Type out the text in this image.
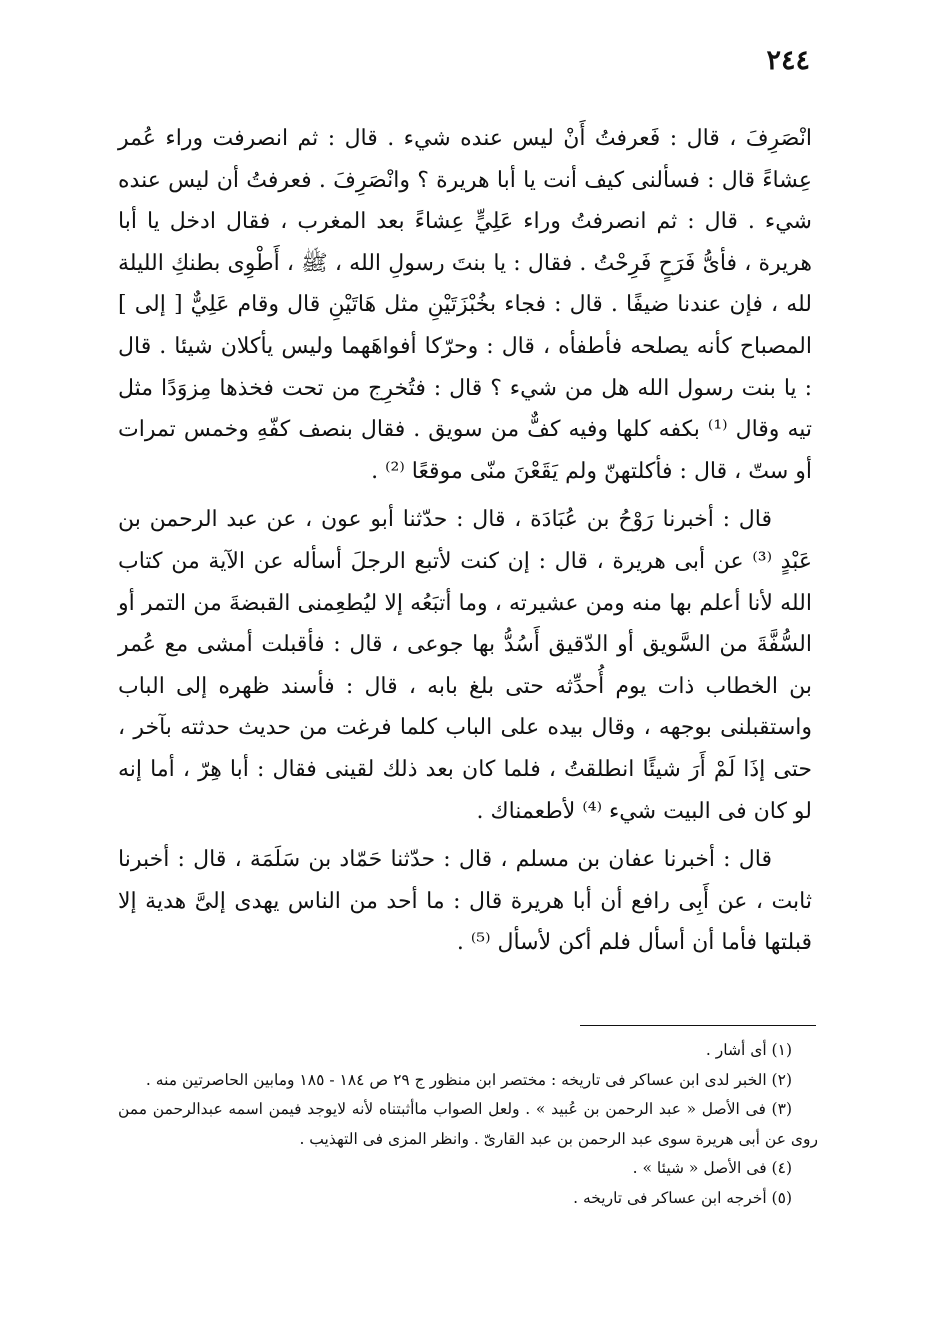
٢٤٤

انْصَرِفَ ، قال : فَعرفتُ أَنْ ليس عنده شيء . قال : ثم انصرفت وراء عُمر عِشاءً قال : فسألنى كيف أنت يا أبا هريرة ؟ وانْصَرِفَ . فعرفتُ أن ليس عنده شيء . قال : ثم انصرفتُ وراء عَلِيٍّ عِشاءً بعد المغرب ، فقال ادخل يا أبا هريرة ، فأىُّ فَرَحٍ فَرِحْتُ . فقال : يا بنتَ رسولِ الله ، ﷺ ، أَطْوِى بطنكِ الليلة لله ، فإن عندنا ضيفًا . قال : فجاء بخُبْزَتَيْنِ مثل هَاتَيْنِ قال وقام عَلِيٌّ [ إلى ] المصباح كأنه يصلحه فأطفأه ، قال : وحرّكا أفواهَهما وليس يأكلان شيئا . قال : يا بنت رسول الله هل من شيء ؟ قال : فتُخرِج من تحت فخذها مِزوَدًا مثل تيه وقال ⁽¹⁾ بكفه كلها وفيه كفٌّ من سويق . فقال بنصف كفّهِ وخمس تمرات أو ستّ ، قال : فأكلتهنّ ولم يَقَعْنَ منّى موقعًا ⁽²⁾ .

قال : أخبرنا رَوْحُ بن عُبَادَة ، قال : حدّثنا أبو عون ، عن عبد الرحمن بن عَبْدٍ ⁽³⁾ عن أبى هريرة ، قال : إن كنت لأتبع الرجلَ أسأله عن الآية من كتاب الله لأنا أعلم بها منه ومن عشيرته ، وما أتبَعُه إلا ليُطعِمنى القبضةَ من التمر أو السُّفَّةَ من السَّويق أو الدّقيق أَسُدُّ بها جوعى ، قال : فأقبلت أمشى مع عُمر بن الخطاب ذات يوم أُحدِّثه حتى بلغ بابه ، قال : فأسند ظهره إلى الباب واستقبلنى بوجهه ، وقال بيده على الباب كلما فرغت من حديث حدثته بآخر ، حتى إذَا لَمْ أَرَ شيئًا انطلقتُ ، فلما كان بعد ذلك لقينى فقال : أبا هِرّ ، أما إنه لو كان فى البيت شيء ⁽⁴⁾ لأطعمناك .

قال : أخبرنا عفان بن مسلم ، قال : حدّثنا حَمّاد بن سَلَمَة ، قال : أخبرنا ثابت ، عن أَبِى رافع أن أبا هريرة قال : ما أحد من الناس يهدى إلىَّ هدية إلا قبلتها فأما أن أسأل فلم أكن لأسأل ⁽⁵⁾ .

(١) أى أشار .

(٢) الخبر لدى ابن عساكر فى تاريخه : مختصر ابن منظور ج ٢٩ ص ١٨٤ - ١٨٥ ومابين الحاصرتين منه .

(٣) فى الأصل « عبد الرحمن بن عُبيد » . ولعل الصواب ماأثبتناه لأنه لايوجد فيمن اسمه عبدالرحمن ممن روى عن أبى هريرة سوى عبد الرحمن بن عبد القارىّ . وانظر المزى فى التهذيب .

(٤) فى الأصل « شيئا » .

(٥) أخرجه ابن عساكر فى تاريخه .
